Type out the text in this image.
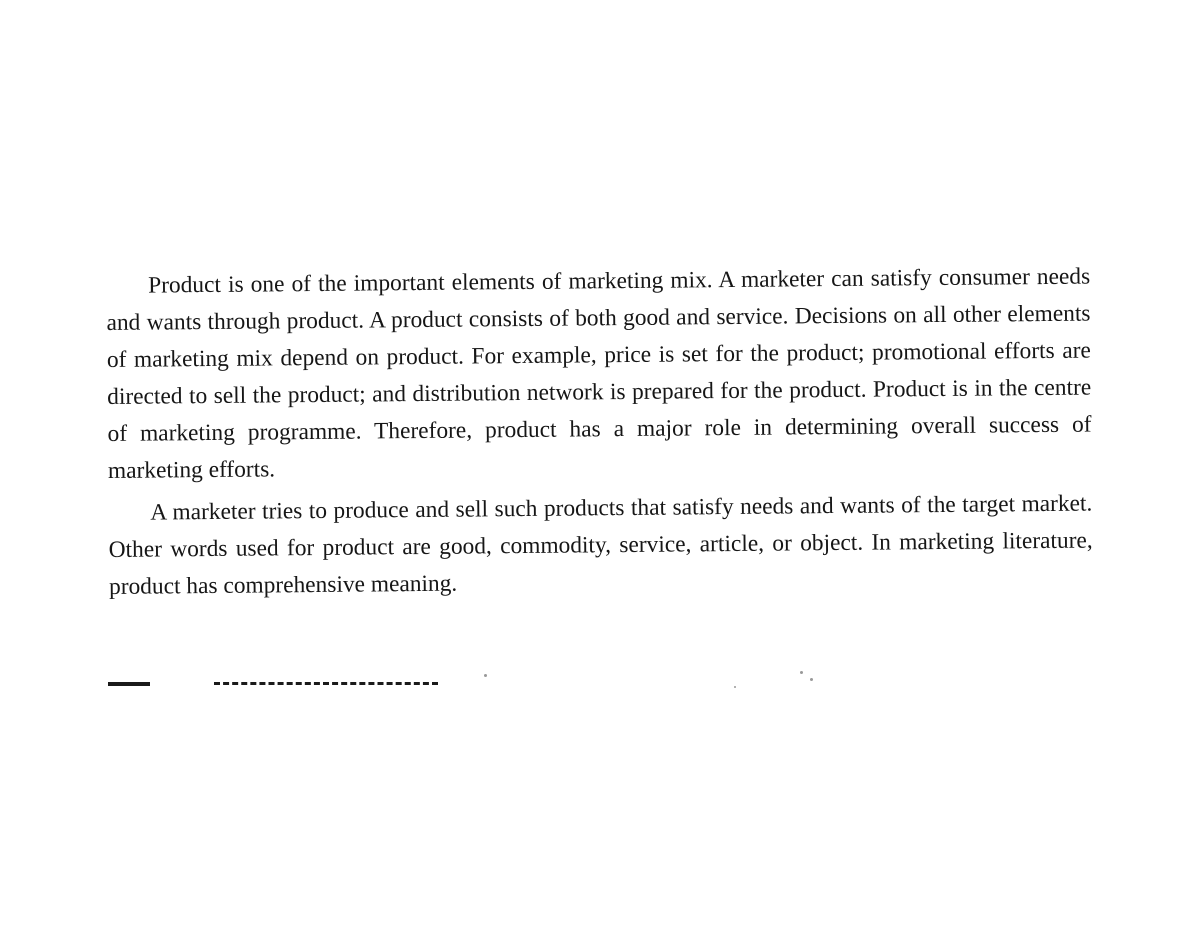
Product is one of the important elements of marketing mix. A marketer can satisfy consumer needs and wants through product. A product consists of both good and service. Decisions on all other elements of marketing mix depend on product. For example, price is set for the product; promotional efforts are directed to sell the product; and distribution network is prepared for the product. Product is in the centre of marketing programme. Therefore, product has a major role in determining overall success of marketing efforts.

A marketer tries to produce and sell such products that satisfy needs and wants of the target market. Other words used for product are good, commodity, service, article, or object. In marketing literature, product has comprehensive meaning.
